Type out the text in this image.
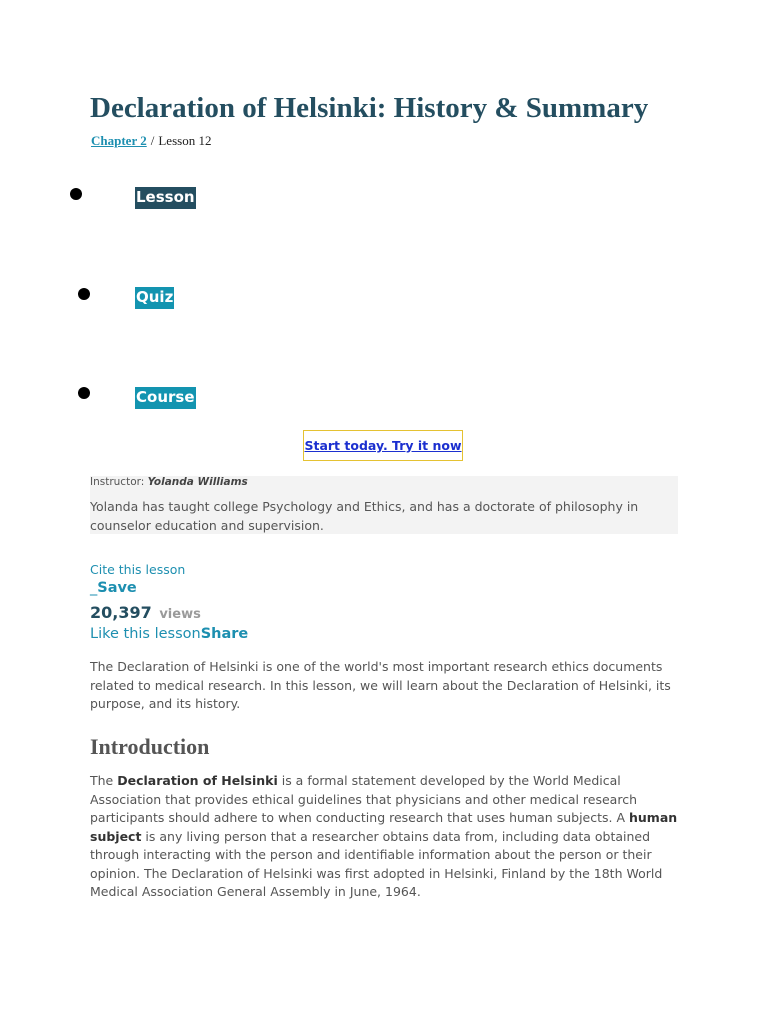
Declaration of Helsinki: History & Summary
Chapter 2 / Lesson 12
Lesson
Quiz
Course
Start today. Try it now
Yolanda has taught college Psychology and Ethics, and has a doctorate of philosophy in counselor education and supervision.
Instructor: Yolanda Williams
Cite this lesson
_Save
20,397 views
Like this lessonShare

The Declaration of Helsinki is one of the world's most important research ethics documents related to medical research. In this lesson, we will learn about the Declaration of Helsinki, its purpose, and its history.

Introduction

The Declaration of Helsinki is a formal statement developed by the World Medical Association that provides ethical guidelines that physicians and other medical research participants should adhere to when conducting research that uses human subjects. A human subject is any living person that a researcher obtains data from, including data obtained through interacting with the person and identifiable information about the person or their opinion. The Declaration of Helsinki was first adopted in Helsinki, Finland by the 18th World Medical Association General Assembly in June, 1964.
